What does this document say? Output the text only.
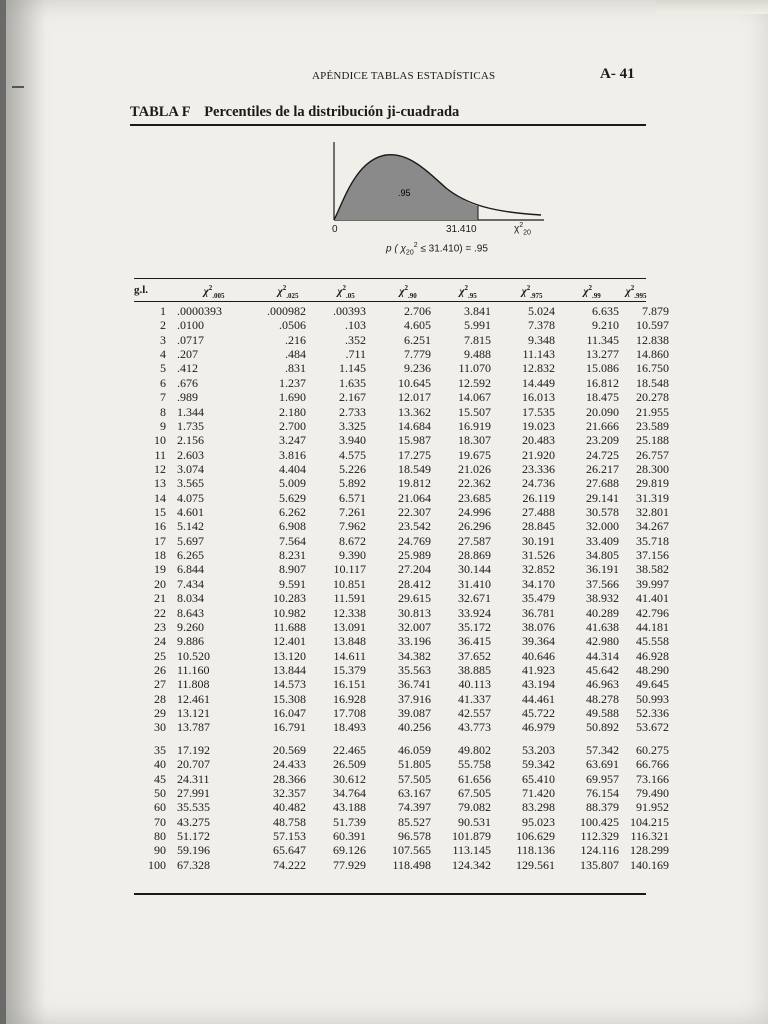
APÉNDICE TABLAS ESTADÍSTICAS	A- 41
TABLA F Percentiles de la distribución ji-cuadrada
.95
0	31.410	$\chi^2_{20}$
p ( $\chi_{20}^2 \le 31.410) = .95$
g.l.	$\chi^2_{.005}$	$\chi^2_{.025}$	$\chi^2_{.05}$	$\chi^2_{.90}$	$\chi^2_{.95}$	$\chi^2_{.975}$	$\chi^2_{.99}$	$\chi^2_{.995}$
1 .0000393	.000982	.00393	2.706	3.841	5.024	6.635	7.879
2 .0100	.0506	.103	4.605	5.991	7.378	9.210	10.597
3 .0717	.216	.352	6.251	7.815	9.348	11.345	12.838
4 .207	.484	.711	7.779	9.488	11.143	13.277	14.860
5 .412	.831	1.145	9.236	11.070	12.832	15.086	16.750
6 .676	1.237	1.635	10.645	12.592	14.449	16.812	18.548
7 .989	1.690	2.167	12.017	14.067	16.013	18.475	20.278
8 1.344	2.180	2.733	13.362	15.507	17.535	20.090	21.955
9 1.735	2.700	3.325	14.684	16.919	19.023	21.666	23.589
10 2.156	3.247	3.940	15.987	18.307	20.483	23.209	25.188
11 2.603	3.816	4.575	17.275	19.675	21.920	24.725	26.757
12 3.074	4.404	5.226	18.549	21.026	23.336	26.217	28.300
13 3.565	5.009	5.892	19.812	22.362	24.736	27.688	29.819
14 4.075	5.629	6.571	21.064	23.685	26.119	29.141	31.319
15 4.601	6.262	7.261	22.307	24.996	27.488	30.578	32.801
16 5.142	6.908	7.962	23.542	26.296	28.845	32.000	34.267
17 5.697	7.564	8.672	24.769	27.587	30.191	33.409	35.718
18 6.265	8.231	9.390	25.989	28.869	31.526	34.805	37.156
19 6.844	8.907	10.117	27.204	30.144	32.852	36.191	38.582
20 7.434	9.591	10.851	28.412	31.410	34.170	37.566	39.997
21 8.034	10.283	11.591	29.615	32.671	35.479	38.932	41.401
22 8.643	10.982	12.338	30.813	33.924	36.781	40.289	42.796
23 9.260	11.688	13.091	32.007	35.172	38.076	41.638	44.181
24 9.886	12.401	13.848	33.196	36.415	39.364	42.980	45.558
25 10.520	13.120	14.611	34.382	37.652	40.646	44.314	46.928
26 11.160	13.844	15.379	35.563	38.885	41.923	45.642	48.290
27 11.808	14.573	16.151	36.741	40.113	43.194	46.963	49.645
28 12.461	15.308	16.928	37.916	41.337	44.461	48.278	50.993
29 13.121	16.047	17.708	39.087	42.557	45.722	49.588	52.336
30 13.787	16.791	18.493	40.256	43.773	46.979	50.892	53.672
35 17.192	20.569	22.465	46.059	49.802	53.203	57.342	60.275
40 20.707	24.433	26.509	51.805	55.758	59.342	63.691	66.766
45 24.311	28.366	30.612	57.505	61.656	65.410	69.957	73.166
50 27.991	32.357	34.764	63.167	67.505	71.420	76.154	79.490
60 35.535	40.482	43.188	74.397	79.082	83.298	88.379	91.952
70 43.275	48.758	51.739	85.527	90.531	95.023	100.425 104.215
80 51.172	57.153	60.391	96.578	101.879	106.629	112.329 116.321
90 59.196	65.647	69.126	107.565	113.145	118.136	124.116 128.299
100 67.328	74.222	77.929	118.498	124.342	129.561	135.807 140.169
